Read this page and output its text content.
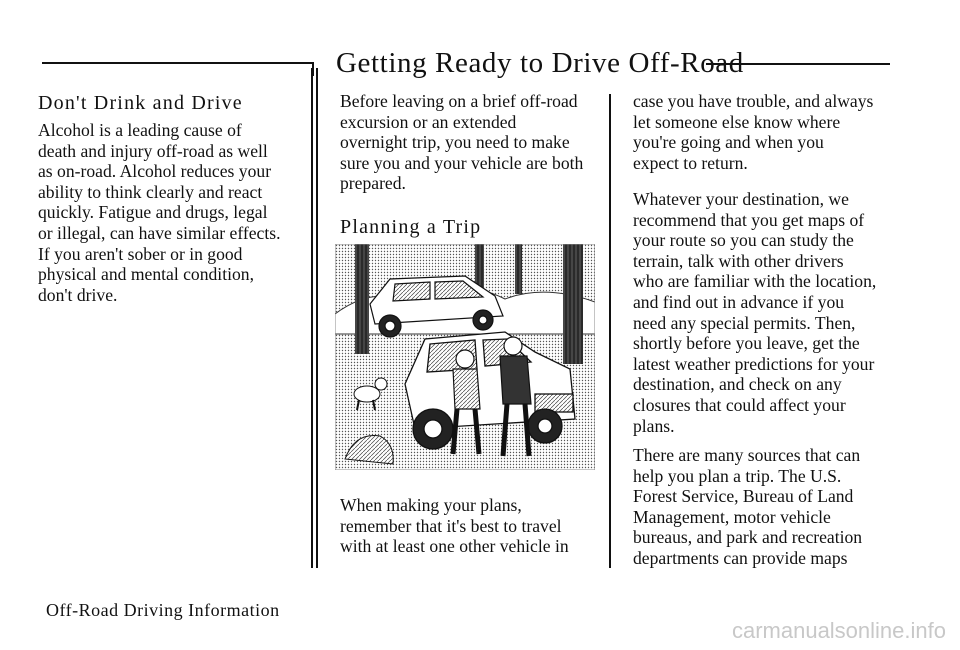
Getting Ready to Drive Off-Road
Don't Drink and Drive
Alcohol is a leading cause of
death and injury off-road as well
as on-road. Alcohol reduces your
ability to think clearly and react
quickly. Fatigue and drugs, legal
or illegal, can have similar effects.
If you aren't sober or in good
physical and mental condition,
don't drive.
Before leaving on a brief off-road
excursion or an extended
overnight trip, you need to make
sure you and your vehicle are both
prepared.
Planning a Trip
When making your plans,
remember that it's best to travel
with at least one other vehicle in
case you have trouble, and always
let someone else know where
you're going and when you
expect to return.
Whatever your destination, we
recommend that you get maps of
your route so you can study the
terrain, talk with other drivers
who are familiar with the location,
and find out in advance if you
need any special permits. Then,
shortly before you leave, get the
latest weather predictions for your
destination, and check on any
closures that could affect your
plans.
There are many sources that can
help you plan a trip. The U.S.
Forest Service, Bureau of Land
Management, motor vehicle
bureaus, and park and recreation
departments can provide maps
Off-Road Driving Information
carmanualsonline.info
